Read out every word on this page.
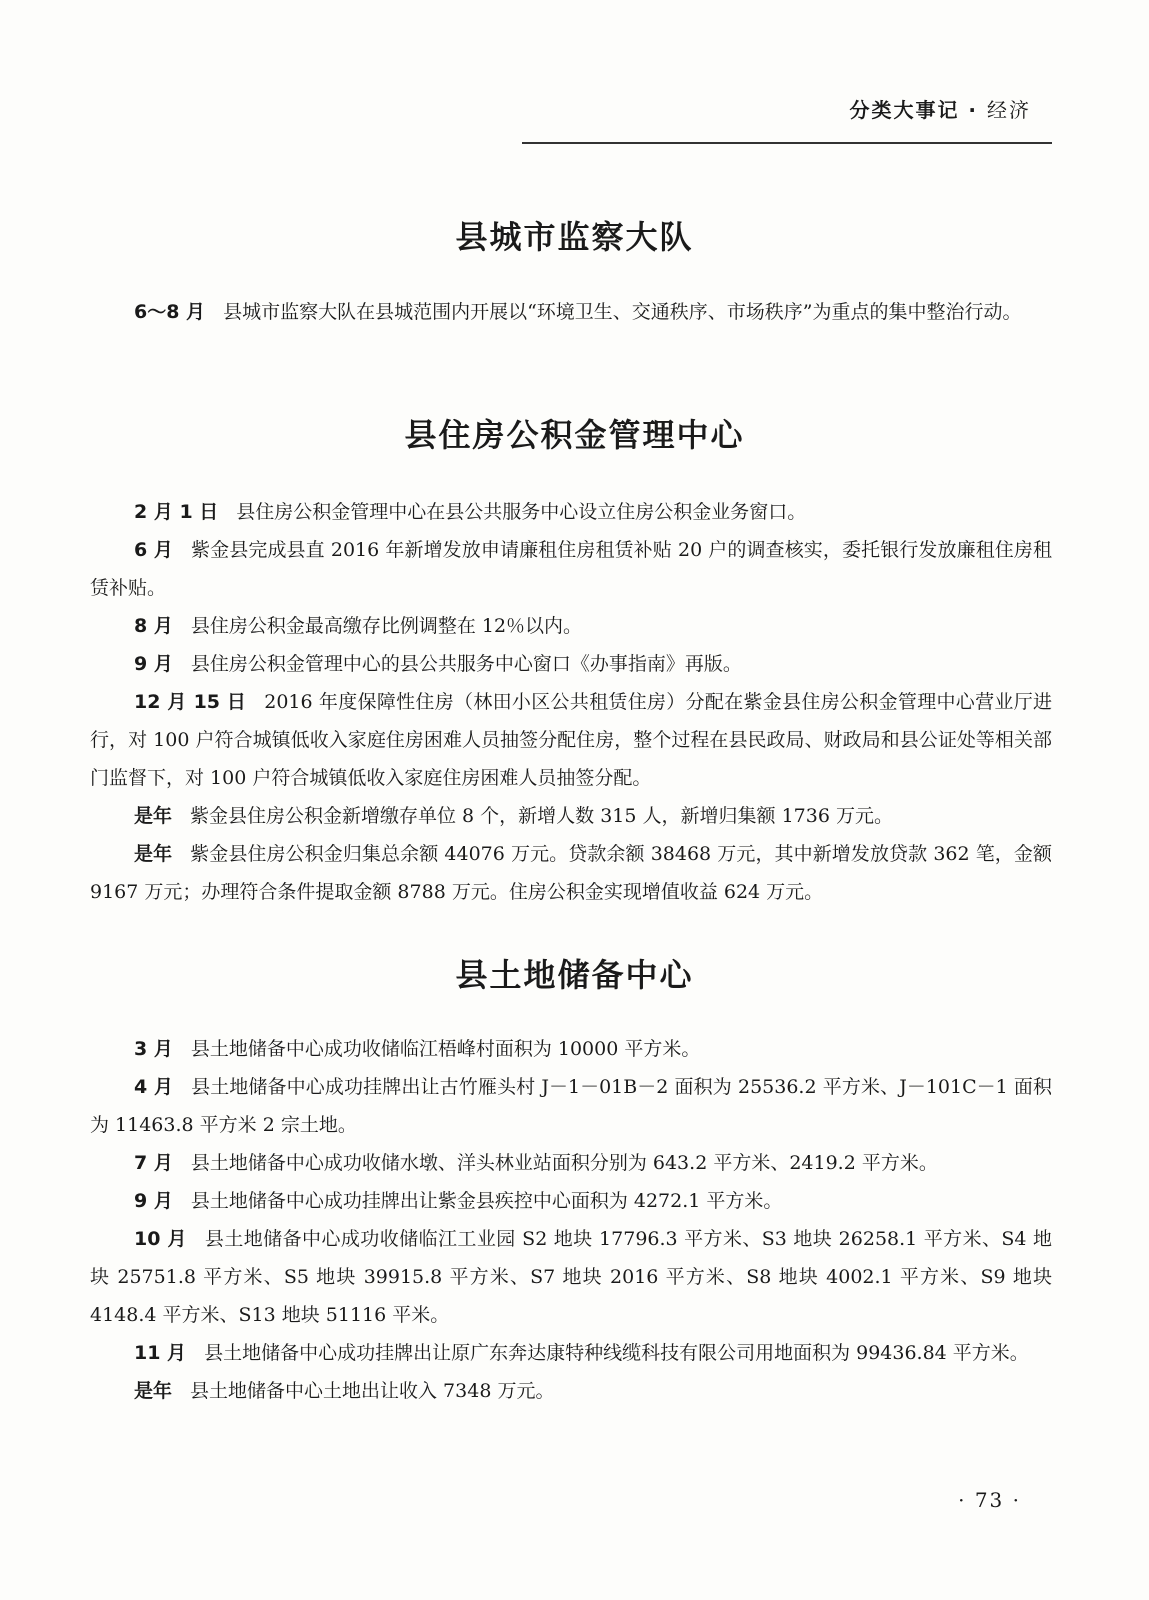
分类大事记 · 经济
县城市监察大队

6～8 月 县城市监察大队在县城范围内开展以“环境卫生、交通秩序、市场秩序”为重点的集中整治行动。

县住房公积金管理中心

2 月 1 日 县住房公积金管理中心在县公共服务中心设立住房公积金业务窗口。

6 月 紫金县完成县直 2016 年新增发放申请廉租住房租赁补贴 20 户的调查核实，委托银行发放廉租住房租赁补贴。

8 月 县住房公积金最高缴存比例调整在 12％以内。

9 月 县住房公积金管理中心的县公共服务中心窗口《办事指南》再版。

12 月 15 日 2016 年度保障性住房（林田小区公共租赁住房）分配在紫金县住房公积金管理中心营业厅进行，对 100 户符合城镇低收入家庭住房困难人员抽签分配住房，整个过程在县民政局、财政局和县公证处等相关部门监督下，对 100 户符合城镇低收入家庭住房困难人员抽签分配。

是年 紫金县住房公积金新增缴存单位 8 个，新增人数 315 人，新增归集额 1736 万元。

是年 紫金县住房公积金归集总余额 44076 万元。贷款余额 38468 万元，其中新增发放贷款 362 笔，金额 9167 万元；办理符合条件提取金额 8788 万元。住房公积金实现增值收益 624 万元。

县土地储备中心

3 月 县土地储备中心成功收储临江梧峰村面积为 10000 平方米。

4 月 县土地储备中心成功挂牌出让古竹雁头村 J－1－01B－2 面积为 25536.2 平方米、J－101C－1 面积为 11463.8 平方米 2 宗土地。

7 月 县土地储备中心成功收储水墩、洋头林业站面积分别为 643.2 平方米、2419.2 平方米。

9 月 县土地储备中心成功挂牌出让紫金县疾控中心面积为 4272.1 平方米。

10 月 县土地储备中心成功收储临江工业园 S2 地块 17796.3 平方米、S3 地块 26258.1 平方米、S4 地块 25751.8 平方米、S5 地块 39915.8 平方米、S7 地块 2016 平方米、S8 地块 4002.1 平方米、S9 地块 4148.4 平方米、S13 地块 51116 平米。

11 月 县土地储备中心成功挂牌出让原广东奔达康特种线缆科技有限公司用地面积为 99436.84 平方米。

是年 县土地储备中心土地出让收入 7348 万元。

· 73 ·
